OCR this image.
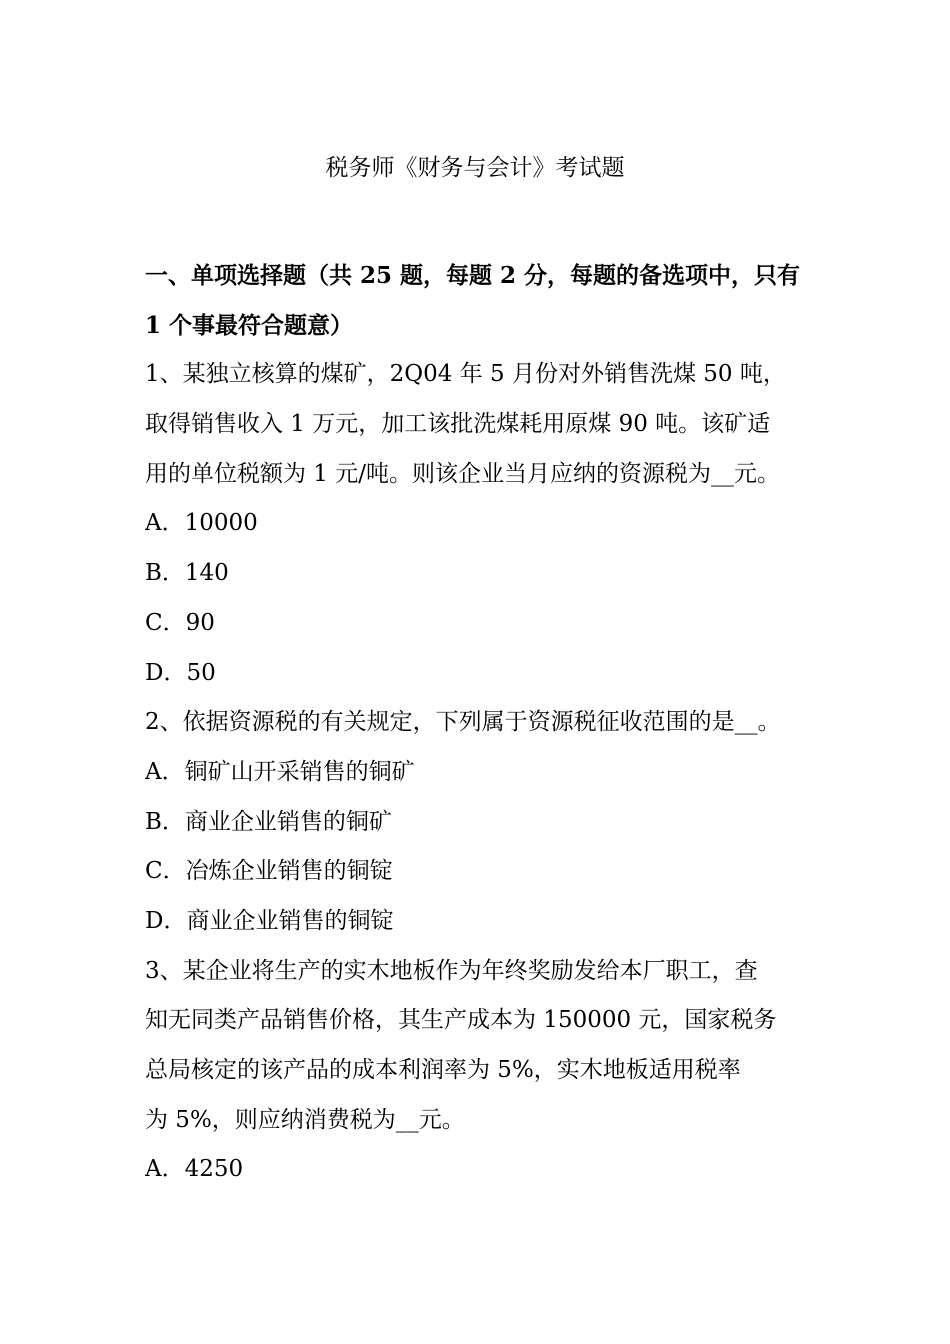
税务师《财务与会计》考试题
一、单项选择题（共 25 题，每题 2 分，每题的备选项中，只有
1 个事最符合题意）
1、某独立核算的煤矿，2Q04 年 5 月份对外销售洗煤 50 吨，
取得销售收入 1 万元，加工该批洗煤耗用原煤 90 吨。该矿适
用的单位税额为 1 元/吨。则该企业当月应纳的资源税为__元。
A．10000
B．140
C．90
D．50
2、依据资源税的有关规定，下列属于资源税征收范围的是__。
A．铜矿山开采销售的铜矿
B．商业企业销售的铜矿
C．冶炼企业销售的铜锭
D．商业企业销售的铜锭
3、某企业将生产的实木地板作为年终奖励发给本厂职工，查
知无同类产品销售价格，其生产成本为 150000 元，国家税务
总局核定的该产品的成本利润率为 5%，实木地板适用税率
为 5%，则应纳消费税为__元。
A．4250
